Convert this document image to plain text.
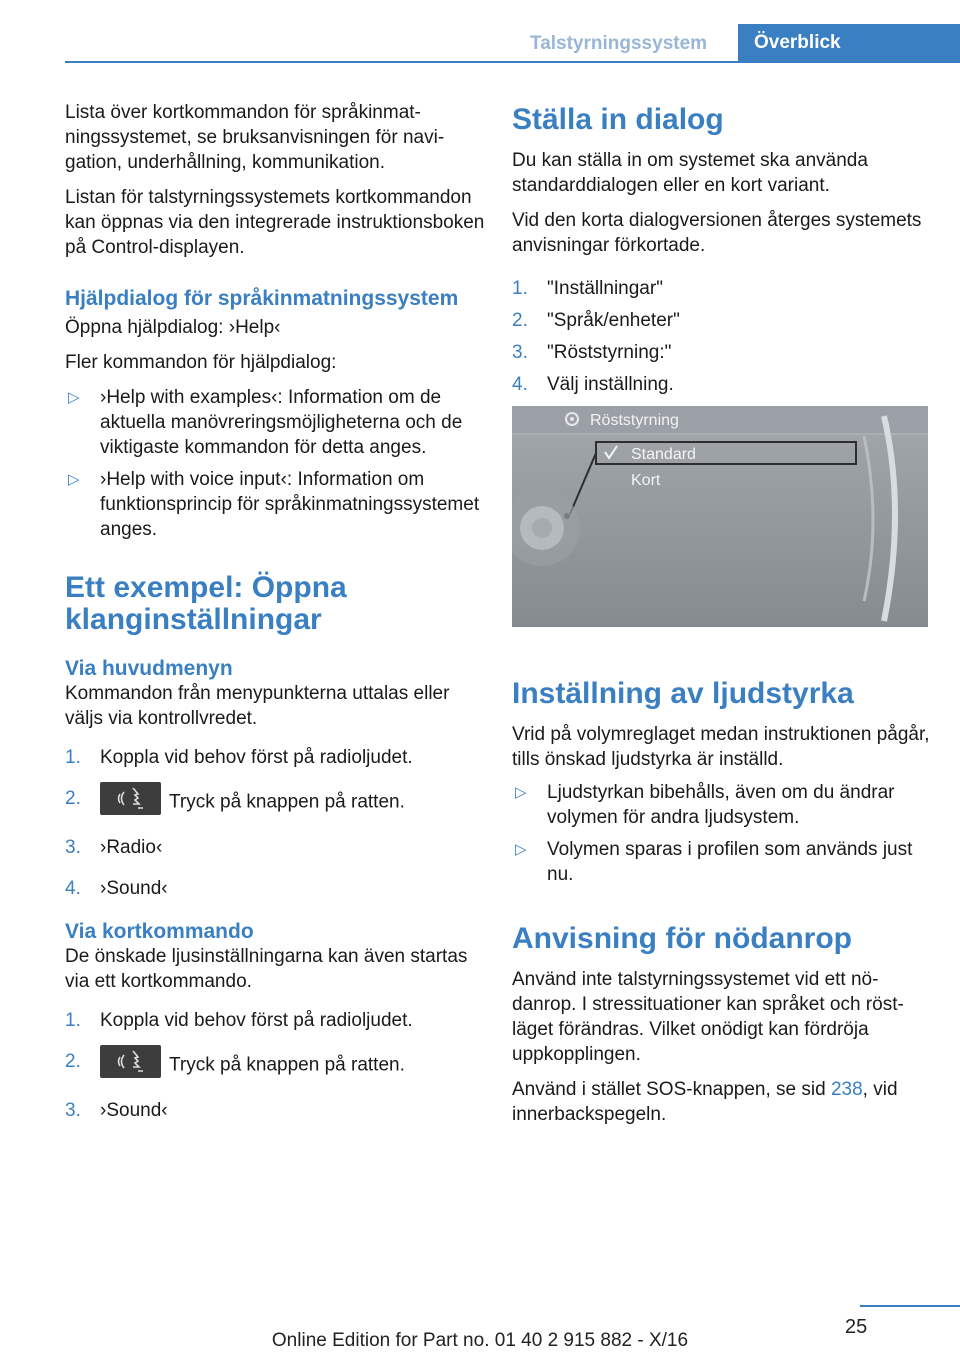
Talstyrningssystem	Överblick

Lista över kortkommandon för språkinmatningssystemet, se bruksanvisningen för navigation, underhållning, kommunikation.

Listan för talstyrningssystemets kortkommandon kan öppnas via den integrerade instruktionsboken på Control-displayen.

Hjälpdialog för språkinmatningssystem

Öppna hjälpdialog: ›Help‹

Fler kommandon för hjälpdialog:

▷ ›Help with examples‹: Information om de aktuella manövreringsmöjligheterna och de viktigaste kommandon för detta anges.
▷ ›Help with voice input‹: Information om funktionsprincip för språkinmatningssystemet anges.
Ett exempel: Öppna klanginställningar
Via huvudmenyn

Kommandon från menypunkterna uttalas eller väljs via kontrollvredet.

1. Koppla vid behov först på radioljudet.
2.	Tryck på knappen på ratten.
3. ›Radio‹
4. ›Sound‹
Via kortkommando

De önskade ljusinställningarna kan även startas via ett kortkommando.

1. Koppla vid behov först på radioljudet.
2.	Tryck på knappen på ratten.
3. ›Sound‹
Ställa in dialog

Du kan ställa in om systemet ska använda standarddialogen eller en kort variant.

Vid den korta dialogversionen återges systemets anvisningar förkortade.

1. "Inställningar"
2. "Språk/enheter"
3. "Röststyrning:"
4. Välj inställning.
Röststyrning
Standard
Kort
Inställning av ljudstyrka

Vrid på volymreglaget medan instruktionen pågår, tills önskad ljudstyrka är inställd.

▷ Ljudstyrkan bibehålls, även om du ändrar volymen för andra ljudsystem.
▷ Volymen sparas i profilen som används just nu.
Anvisning för nödanrop

Använd inte talstyrningssystemet vid ett nödanrop. I stressituationer kan språket och röstläget förändras. Vilket onödigt kan fördröja uppkopplingen.

Använd i stället SOS-knappen, se sid 238, vid innerbackspegeln.

25
Online Edition for Part no. 01 40 2 915 882 - X/16
